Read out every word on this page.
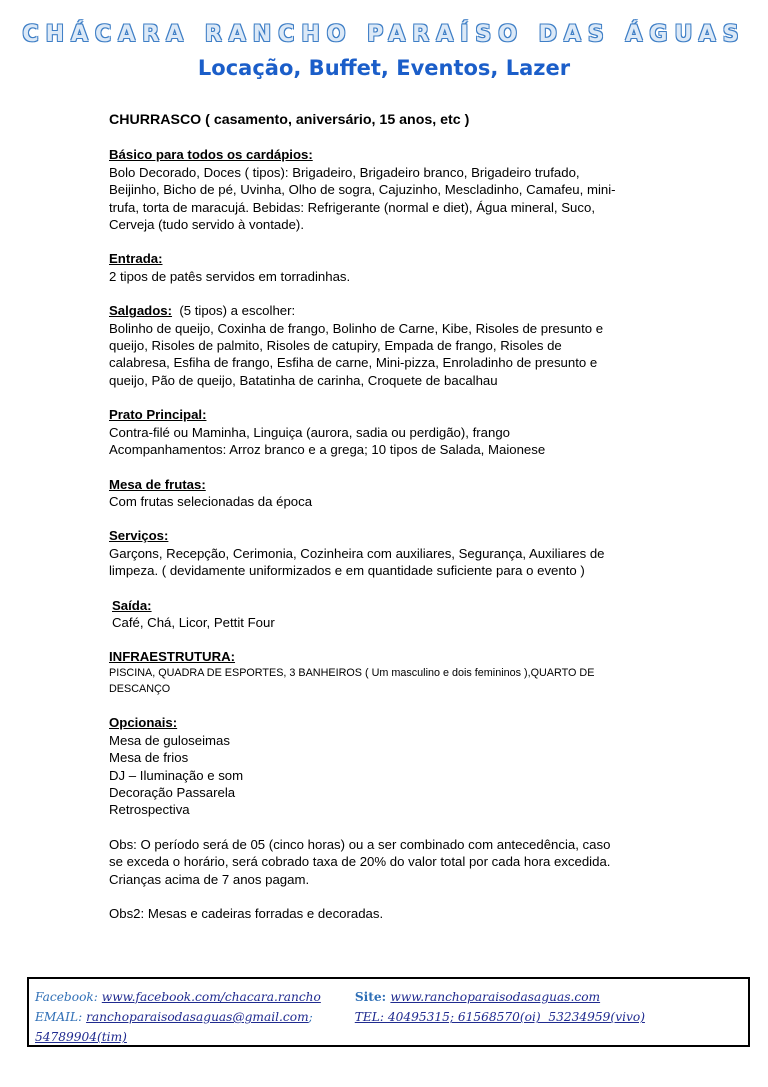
CHÁCARA RANCHO PARAÍSO DAS ÁGUAS
Locação, Buffet, Eventos, Lazer
CHURRASCO ( casamento, aniversário, 15 anos, etc )
Básico para todos os cardápios:
Bolo Decorado, Doces ( tipos): Brigadeiro, Brigadeiro branco, Brigadeiro trufado,
Beijinho, Bicho de pé, Uvinha, Olho de sogra, Cajuzinho, Mescladinho, Camafeu, mini-
trufa, torta de maracujá. Bebidas: Refrigerante (normal e diet), Água mineral, Suco,
Cerveja (tudo servido à vontade).
Entrada:
2 tipos de patês servidos em torradinhas.
Salgados:  (5 tipos) a escolher:
Bolinho de queijo, Coxinha de frango, Bolinho de Carne, Kibe, Risoles de presunto e
queijo, Risoles de palmito, Risoles de catupiry, Empada de frango, Risoles de
calabresa, Esfiha de frango, Esfiha de carne, Mini-pizza, Enroladinho de presunto e
queijo, Pão de queijo, Batatinha de carinha, Croquete de bacalhau
Prato Principal:
Contra-filé ou Maminha, Linguiça (aurora, sadia ou perdigão), frango
Acompanhamentos: Arroz branco e a grega; 10 tipos de Salada, Maionese
Mesa de frutas:
Com frutas selecionadas da época
Serviços:
Garçons, Recepção, Cerimonia, Cozinheira com auxiliares, Segurança, Auxiliares de
limpeza. ( devidamente uniformizados e em quantidade suficiente para o evento )
Saída:
Café, Chá, Licor, Pettit Four
INFRAESTRUTURA:
PISCINA, QUADRA DE ESPORTES, 3 BANHEIROS ( Um masculino e dois femininos ),QUARTO DE
DESCANÇO
Opcionais:
Mesa de guloseimas
Mesa de frios
DJ – Iluminação e som
Decoração Passarela
Retrospectiva
Obs: O período será de 05 (cinco horas) ou a ser combinado com antecedência, caso
se exceda o horário, será cobrado taxa de 20% do valor total por cada hora excedida.
Crianças acima de 7 anos pagam.
Obs2: Mesas e cadeiras forradas e decoradas.
Facebook: www.facebook.com/chacara.rancho	Site: www.ranchoparaisodasaguas.com
EMAIL: ranchoparaisodasaguas@gmail.com;	TEL: 40495315; 61568570(oi)  53234959(vivo)
54789904(tim)
